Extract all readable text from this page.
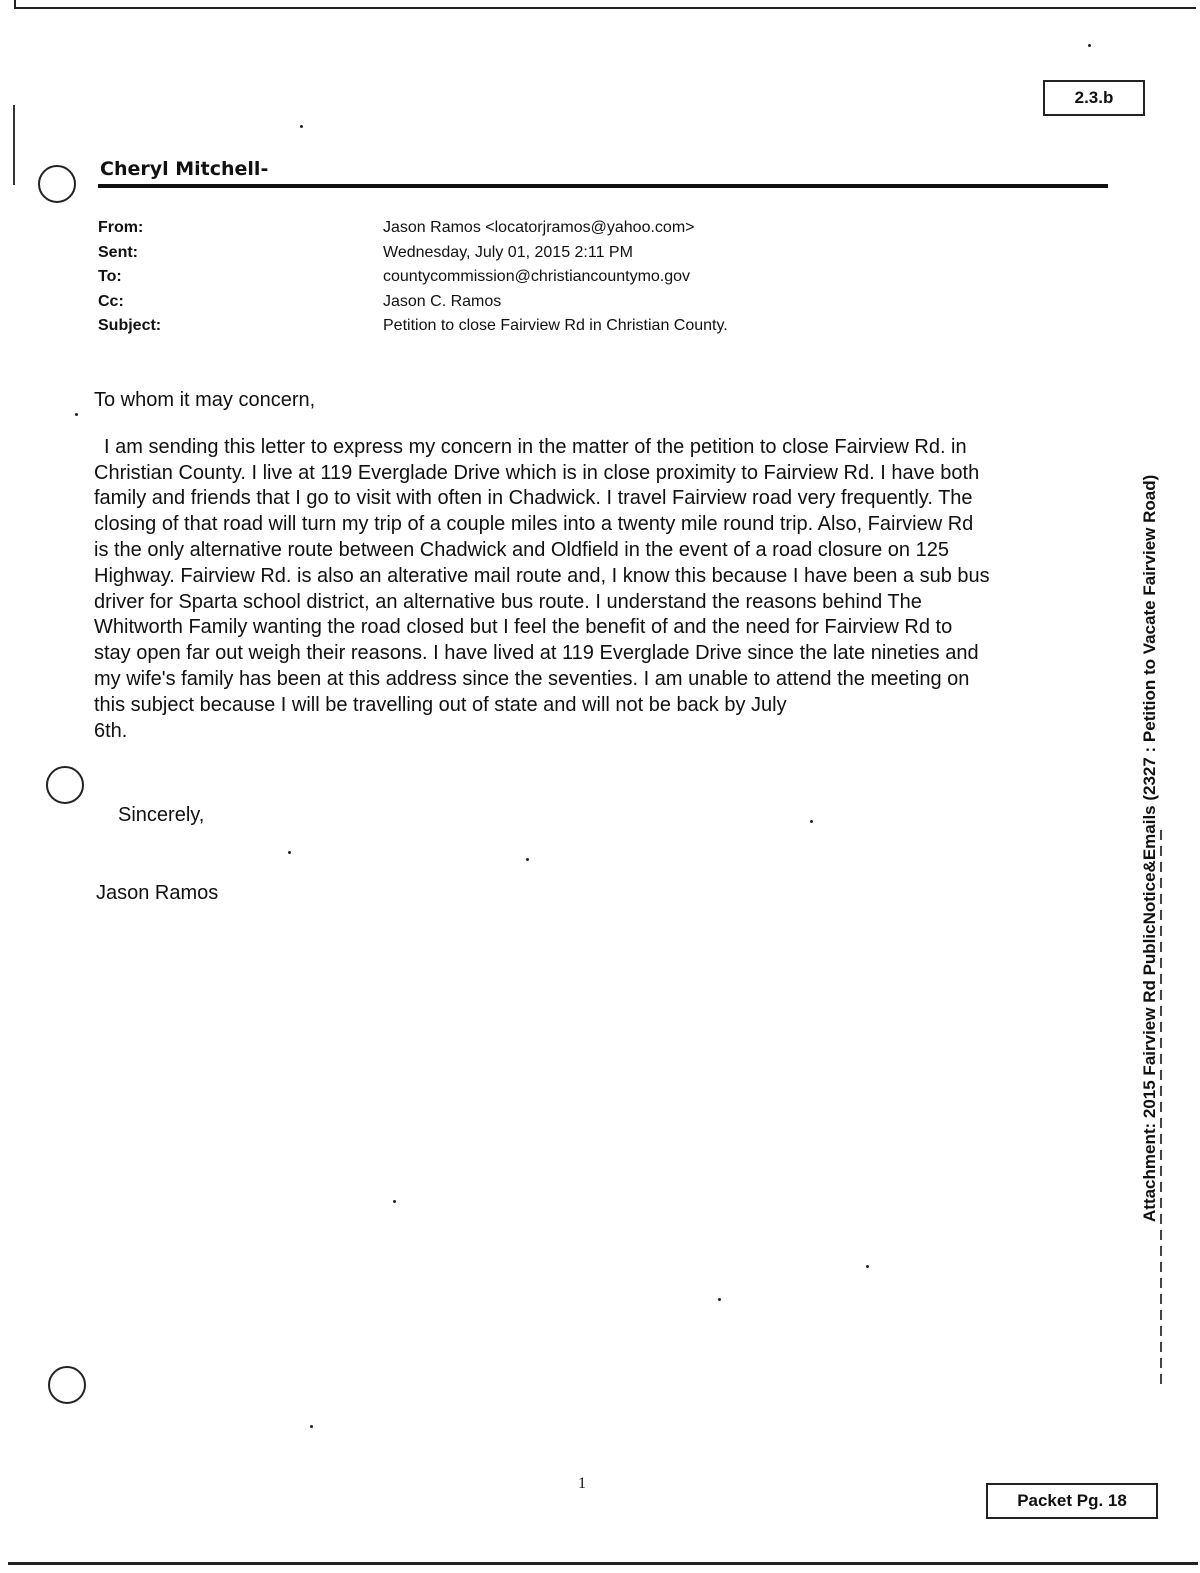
2.3.b
Cheryl Mitchell-
From:	Jason Ramos <locatorjramos@yahoo.com>
Sent:	Wednesday, July 01, 2015 2:11 PM
To:	countycommission@christiancountymo.gov
Cc:	Jason C. Ramos
Subject:	Petition to close Fairview Rd in Christian County.

To whom it may concern,

I am sending this letter to express my concern in the matter of the petition to close Fairview Rd. in
Christian County. I live at 119 Everglade Drive which is in close proximity to Fairview Rd. I have both
family and friends that I go to visit with often in Chadwick. I travel Fairview road very frequently. The
closing of that road will turn my trip of a couple miles into a twenty mile round trip. Also, Fairview Rd
is the only alternative route between Chadwick and Oldfield in the event of a road closure on 125
Highway. Fairview Rd. is also an alterative mail route and, I know this because I have been a sub bus
driver for Sparta school district, an alternative bus route. I understand the reasons behind The
Whitworth Family wanting the road closed but I feel the benefit of and the need for Fairview Rd to
stay open far out weigh their reasons. I have lived at 119 Everglade Drive since the late nineties and
my wife's family has been at this address since the seventies. I am unable to attend the meeting on
this subject because I will be travelling out of state and will not be back by July
6th.

Sincerely,
Jason Ramos	Attachment: 2015 Fairview Rd PublicNotice&Emails (2327 : Petition to Vacate Fairview Road)
1
Packet Pg. 18
